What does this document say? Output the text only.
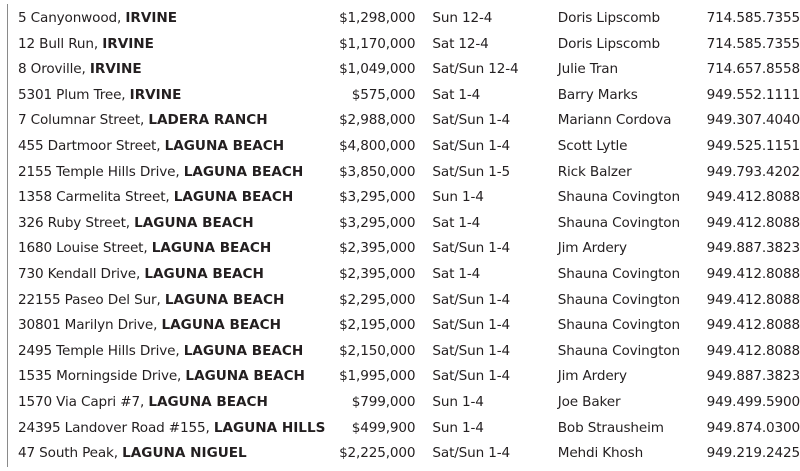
5 Canyonwood, IRVINE	$1,298,000	Sun 12-4	Doris Lipscomb	714.585.7355
12 Bull Run, IRVINE	$1,170,000	Sat 12-4	Doris Lipscomb	714.585.7355
8 Oroville, IRVINE	$1,049,000	Sat/Sun 12-4	Julie Tran	714.657.8558
5301 Plum Tree, IRVINE	$575,000	Sat 1-4	Barry Marks	949.552.1111
7 Columnar Street, LADERA RANCH	$2,988,000	Sat/Sun 1-4	Mariann Cordova	949.307.4040
455 Dartmoor Street, LAGUNA BEACH	$4,800,000	Sat/Sun 1-4	Scott Lytle	949.525.1151
2155 Temple Hills Drive, LAGUNA BEACH	$3,850,000	Sat/Sun 1-5	Rick Balzer	949.793.4202
1358 Carmelita Street, LAGUNA BEACH	$3,295,000	Sun 1-4	Shauna Covington	949.412.8088
326 Ruby Street, LAGUNA BEACH	$3,295,000	Sat 1-4	Shauna Covington	949.412.8088
1680 Louise Street, LAGUNA BEACH	$2,395,000	Sat/Sun 1-4	Jim Ardery	949.887.3823
730 Kendall Drive, LAGUNA BEACH	$2,395,000	Sat 1-4	Shauna Covington	949.412.8088
22155 Paseo Del Sur, LAGUNA BEACH	$2,295,000	Sat/Sun 1-4	Shauna Covington	949.412.8088
30801 Marilyn Drive, LAGUNA BEACH	$2,195,000	Sat/Sun 1-4	Shauna Covington	949.412.8088
2495 Temple Hills Drive, LAGUNA BEACH	$2,150,000	Sat/Sun 1-4	Shauna Covington	949.412.8088
1535 Morningside Drive, LAGUNA BEACH	$1,995,000	Sat/Sun 1-4	Jim Ardery	949.887.3823
1570 Via Capri #7, LAGUNA BEACH	$799,000	Sun 1-4	Joe Baker	949.499.5900
24395 Landover Road #155, LAGUNA HILLS	$499,900	Sun 1-4	Bob Strausheim	949.874.0300
47 South Peak, LAGUNA NIGUEL	$2,225,000	Sat/Sun 1-4	Mehdi Khosh	949.219.2425
